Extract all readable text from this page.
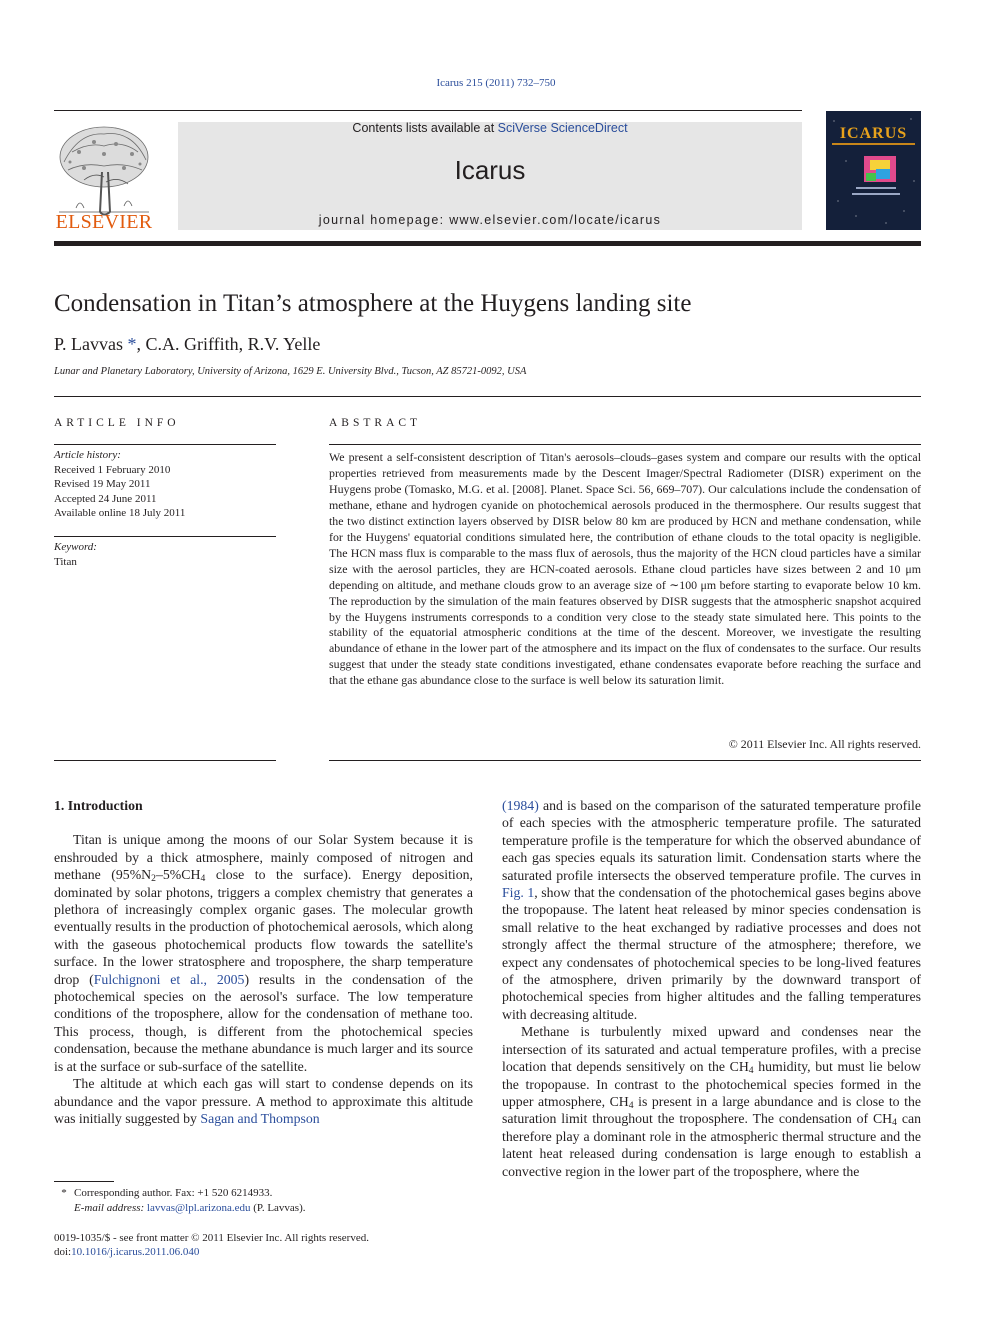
Icarus 215 (2011) 732–750
Contents lists available at SciVerse ScienceDirect
Icarus
journal homepage: www.elsevier.com/locate/icarus
ELSEVIER
ICARUS
Condensation in Titan’s atmosphere at the Huygens landing site
P. Lavvas *, C.A. Griffith, R.V. Yelle
Lunar and Planetary Laboratory, University of Arizona, 1629 E. University Blvd., Tucson, AZ 85721-0092, USA
ARTICLE INFO
Article history:
Received 1 February 2010
Revised 19 May 2011
Accepted 24 June 2011
Available online 18 July 2011
Keyword:
Titan
ABSTRACT
We present a self-consistent description of Titan's aerosols–clouds–gases system and compare our results with the optical properties retrieved from measurements made by the Descent Imager/Spectral Radiometer (DISR) experiment on the Huygens probe (Tomasko, M.G. et al. [2008]. Planet. Space Sci. 56, 669–707). Our calculations include the condensation of methane, ethane and hydrogen cyanide on photochemical aerosols produced in the thermosphere. Our results suggest that the two distinct extinction layers observed by DISR below 80 km are produced by HCN and methane condensation, while for the Huygens' equatorial conditions simulated here, the contribution of ethane clouds to the total opacity is negligible. The HCN mass flux is comparable to the mass flux of aerosols, thus the majority of the HCN cloud particles have a similar size with the aerosol particles, they are HCN-coated aerosols. Ethane cloud particles have sizes between 2 and 10 μm depending on altitude, and methane clouds grow to an average size of ∼100 μm before starting to evaporate below 10 km. The reproduction by the simulation of the main features observed by DISR suggests that the atmospheric snapshot acquired by the Huygens instruments corresponds to a condition very close to the steady state simulated here. This points to the stability of the equatorial atmospheric conditions at the time of the descent. Moreover, we investigate the resulting abundance of ethane in the lower part of the atmosphere and its impact on the flux of condensates to the surface. Our results suggest that under the steady state conditions investigated, ethane condensates evaporate before reaching the surface and that the ethane gas abundance close to the surface is well below its saturation limit.
© 2011 Elsevier Inc. All rights reserved.
1. Introduction

Titan is unique among the moons of our Solar System because it is enshrouded by a thick atmosphere, mainly composed of nitrogen and methane ($95\%N_2-5\%CH_4$ close to the surface). Energy deposition, dominated by solar photons, triggers a complex chemistry that generates a plethora of increasingly complex organic gases. The molecular growth eventually results in the production of photochemical aerosols, which along with the gaseous photochemical products flow towards the satellite's surface. In the lower stratosphere and troposphere, the sharp temperature drop (Fulchignoni et al., 2005) results in the condensation of the photochemical species on the aerosol's surface. The low temperature conditions of the troposphere, allow for the condensation of methane too. This process, though, is different from the photochemical species condensation, because the methane abundance is much larger and its source is at the surface or sub-surface of the satellite.

The altitude at which each gas will start to condense depends on its abundance and the vapor pressure. A method to approximate this altitude was initially suggested by Sagan and Thompson

(1984) and is based on the comparison of the saturated temperature profile of each species with the atmospheric temperature profile. The saturated temperature profile is the temperature for which the observed abundance of each gas species equals its saturation limit. Condensation starts where the saturated profile intersects the observed temperature profile. The curves in Fig. 1, show that the condensation of the photochemical gases begins above the tropopause. The latent heat released by minor species condensation is small relative to the heat exchanged by radiative processes and does not strongly affect the thermal structure of the atmosphere; therefore, we expect any condensates of photochemical species to be long-lived features of the atmosphere, driven primarily by the downward transport of photochemical species from higher altitudes and the falling temperatures with decreasing altitude.

Methane is turbulently mixed upward and condenses near the intersection of its saturated and actual temperature profiles, with a precise location that depends sensitively on the $CH_4$ humidity, but must lie below the tropopause. In contrast to the photochemical species formed in the upper atmosphere, $CH_4$ is present in a large abundance and is close to the saturation limit throughout the troposphere. The condensation of $CH_4$ can therefore play a dominant role in the atmospheric thermal structure and the latent heat released during condensation is large enough to establish a convective region in the lower part of the troposphere, where the

* Corresponding author. Fax: +1 520 6214933.
E-mail address: lavvas@lpl.arizona.edu (P. Lavvas).
0019-1035/$ - see front matter © 2011 Elsevier Inc. All rights reserved.
doi:10.1016/j.icarus.2011.06.040
